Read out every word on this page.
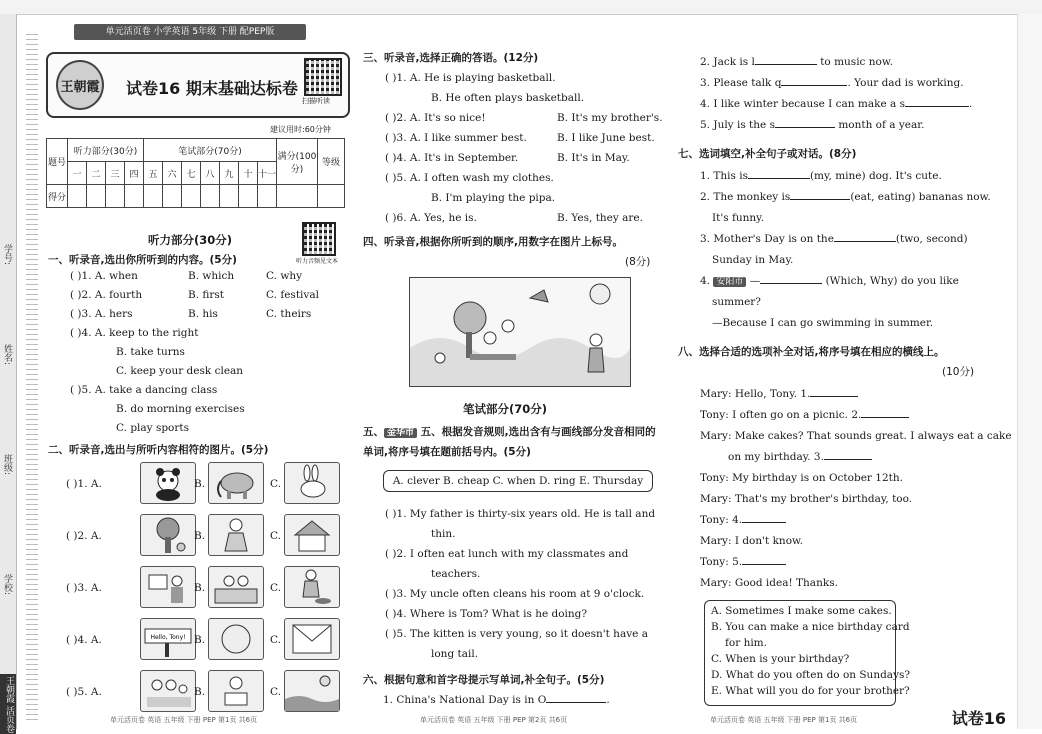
学号:
姓名:
班级:
学校:
王朝霞 活页卷
单元活页卷 小学英语 5年级 下册 配PEP版
王朝霞 试卷16 期末基础达标卷
扫描听读
建议用时:60分钟
题号	听力部分(30分)				笔试部分(70分)							满分(100分)	等级
	一	二	三	四	五	六	七	八	九	十	十一		
得分													
听力部分(30分)
听力音频见文本
一、听录音,选出你所听到的内容。(5分)
( )1. A. when	B. which	C. why
( )2. A. fourth	B. first	C. festival
( )3. A. hers	B. his	C. theirs
( )4. A. keep to the right
B. take turns
C. keep your desk clean
( )5. A. take a dancing class
B. do morning exercises
C. play sports
二、听录音,选出与所听内容相符的图片。(5分)
( )1. A.	B.	C.
( )2. A.	B.	C.
( )3. A.	B.	C.
( )4. A.	Hello, Tony! B.	C.
( )5. A.	B.	C.
单元活页卷 英语 五年级 下册 PEP 第1页 共6页
三、听录音,选择正确的答语。(12分)
( )1. A. He is playing basketball.
B. He often plays basketball.
( )2. A. It's so nice!	B. It's my brother's.
( )3. A. I like summer best.	B. I like June best.
( )4. A. It's in September.	B. It's in May.
( )5. A. I often wash my clothes.
B. I'm playing the pipa.
( )6. A. Yes, he is.	B. Yes, they are.
四、听录音,根据你所听到的顺序,用数字在图片上标号。
(8分)
笔试部分(70分)
五、 金华市 五、根据发音规则,选出含有与画线部分发音相同的
单词,将序号填在题前括号内。(5分)
A. clever B. cheap C. when D. ring E. Thursday
( )1. My father is thirty-six years old. He is tall and
thin.
( )2. I often eat lunch with my classmates and
teachers.
( )3. My uncle often cleans his room at 9 o'clock.
( )4. Where is Tom? What is he doing?
( )5. The kitten is very young, so it doesn't have a
long tail.
六、根据句意和首字母提示写单词,补全句子。(5分)
1. China's National Day is in O	.
单元活页卷 英语 五年级 下册 PEP 第2页 共6页
2. Jack is l	to music now.
3. Please talk q	. Your dad is working.
4. I like winter because I can make a s	.
5. July is the s	month of a year.
七、选词填空,补全句子或对话。(8分)
1. This is	(my, mine) dog. It's cute.
2. The monkey is	(eat, eating) bananas now.
It's funny.
3. Mother's Day is on the	(two, second)
Sunday in May.
4. 安阳市 —	(Which, Why) do you like
summer?
—Because I can go swimming in summer.
八、选择合适的选项补全对话,将序号填在相应的横线上。
(10分)
Mary: Hello, Tony. 1.
Tony: I often go on a picnic. 2.
Mary: Make cakes? That sounds great. I always eat a cake
on my birthday. 3.
Tony: My birthday is on October 12th.
Mary: That's my brother's birthday, too.
Tony: 4.
Mary: I don't know.
Tony: 5.
Mary: Good idea! Thanks.
A. Sometimes I make some cakes.
B. You can make a nice birthday card
for him.
C. When is your birthday?
D. What do you often do on Sundays?
E. What will you do for your brother?
单元活页卷 英语 五年级 下册 PEP 第1页 共6页	试卷16
